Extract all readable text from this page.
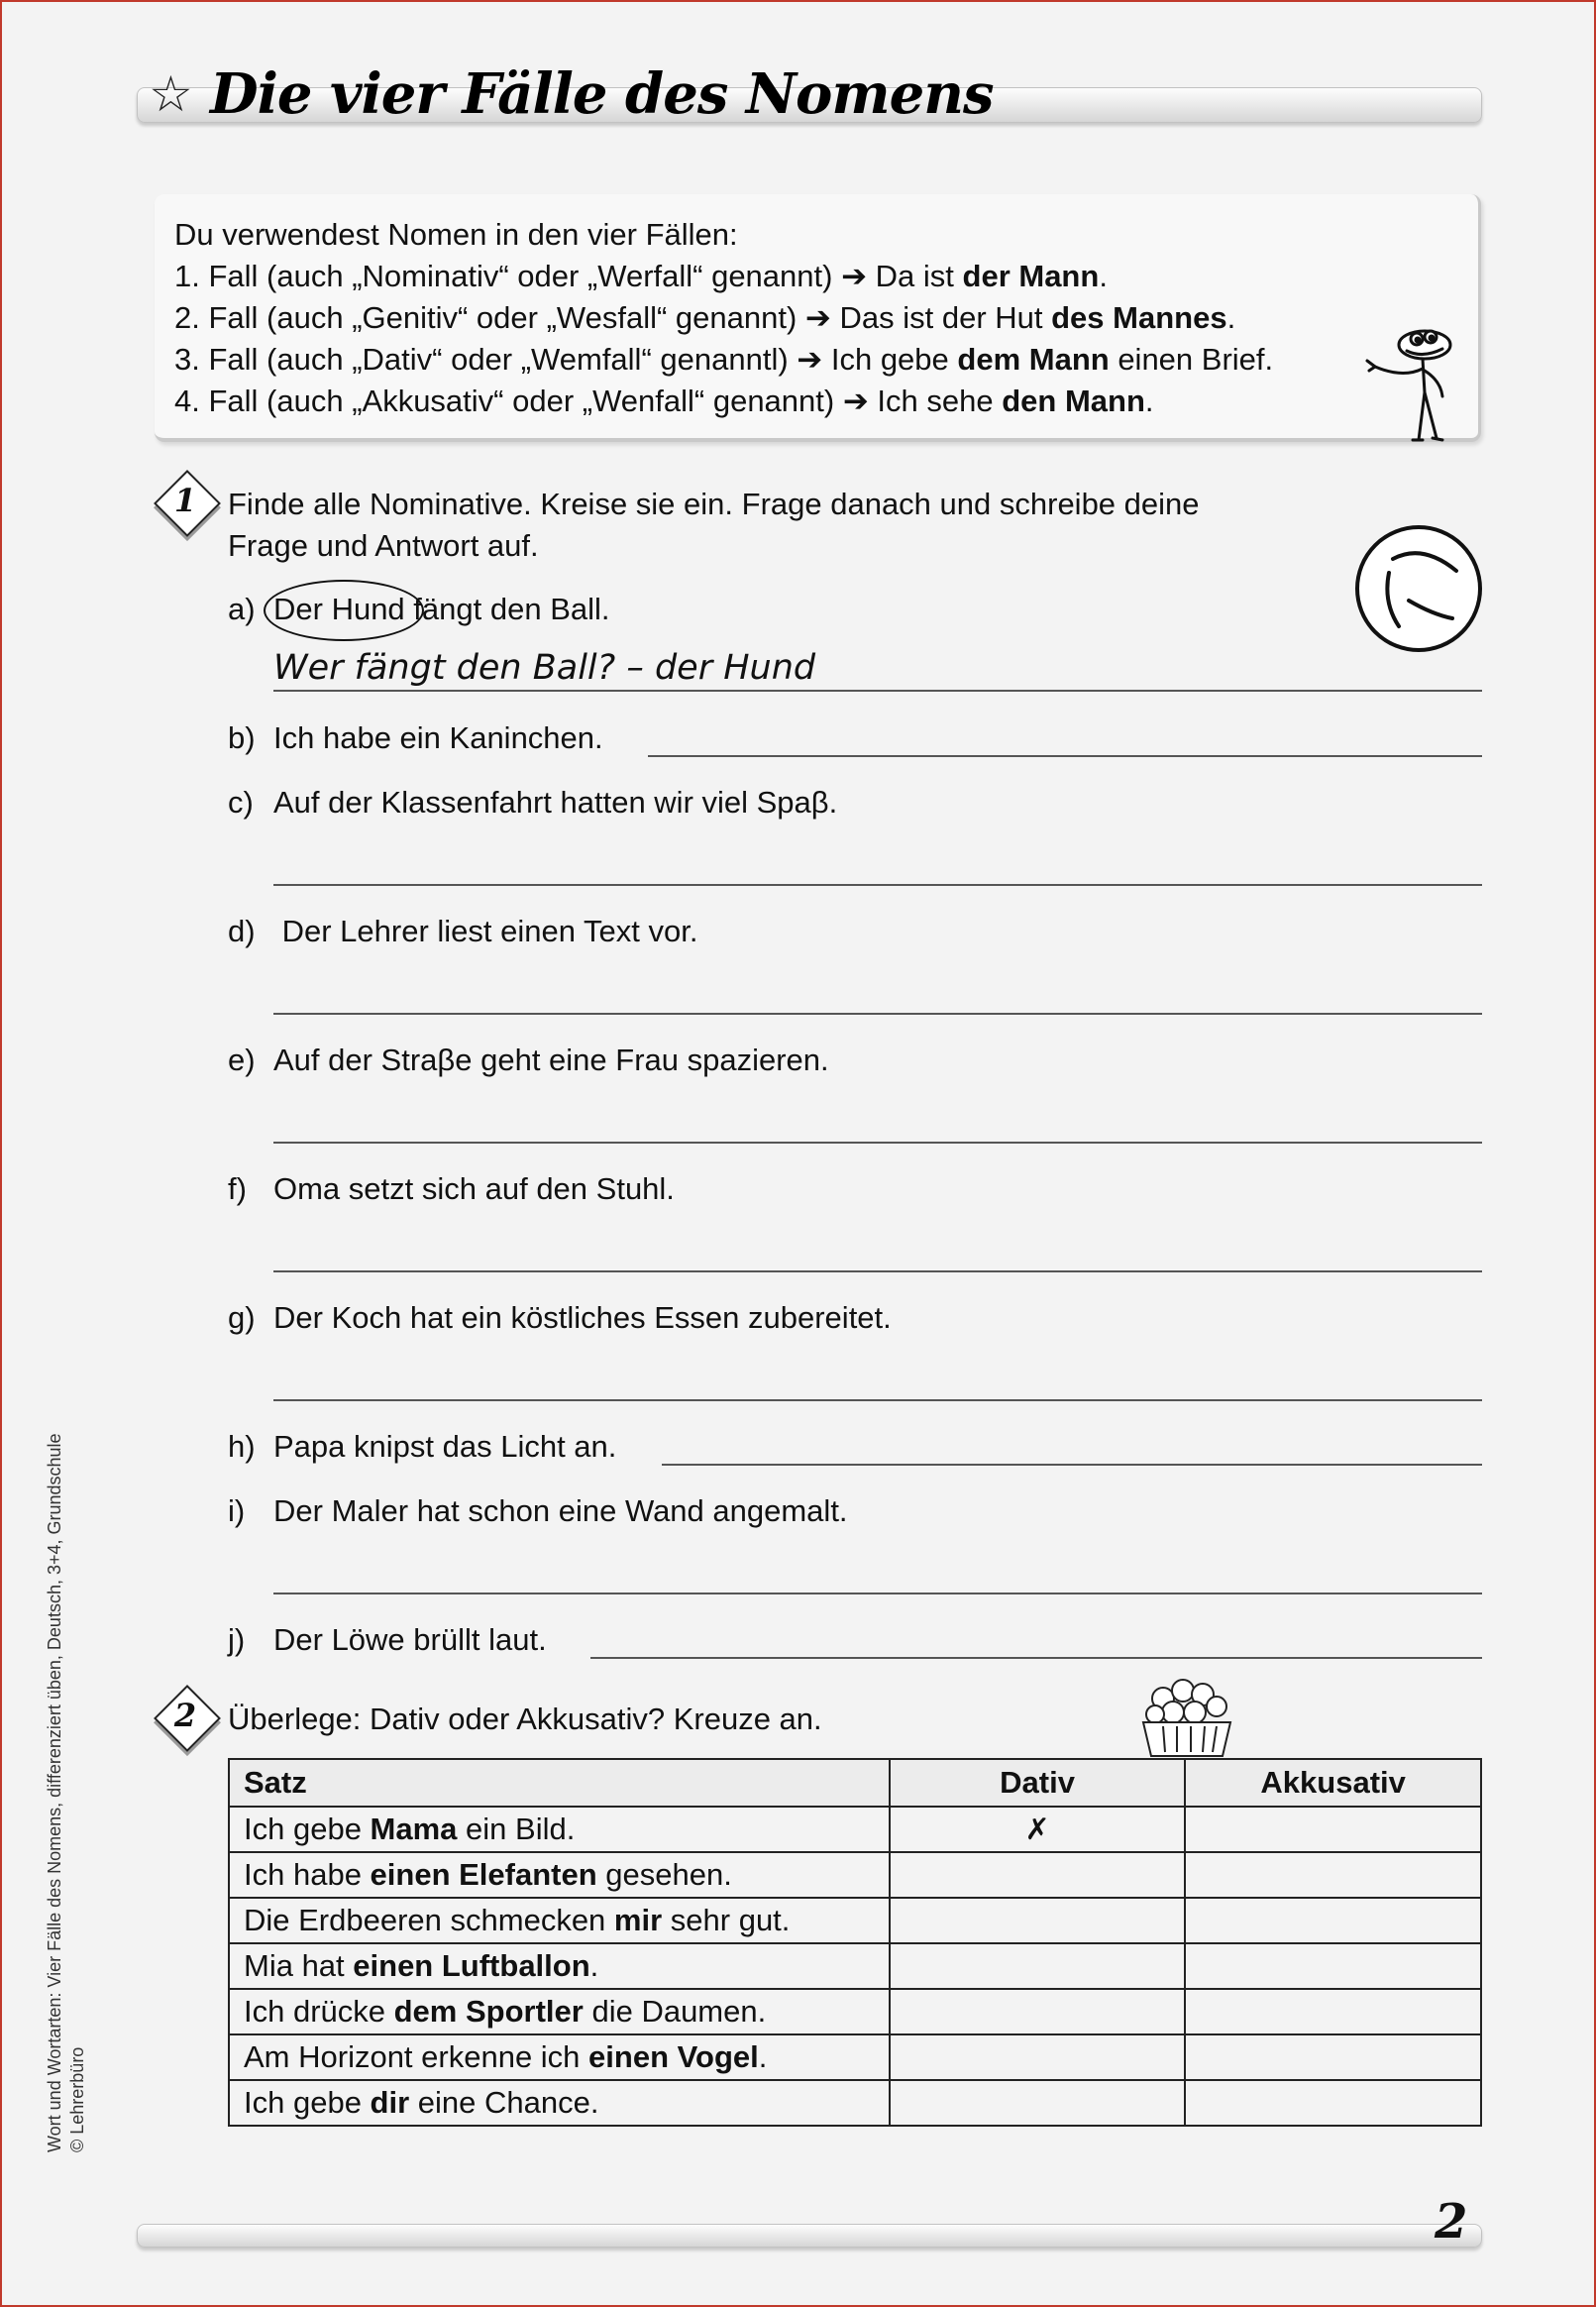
☆ Die vier Fälle des Nomens
Du verwendest Nomen in den vier Fällen:
1. Fall (auch „Nominativ“ oder „Werfall“ genannt) ➔ Da ist der Mann.
2. Fall (auch „Genitiv“ oder „Wesfall“ genannt) ➔ Das ist der Hut des Mannes.
3. Fall (auch „Dativ“ oder „Wemfall“ genanntl) ➔ Ich gebe dem Mann einen Brief.
4. Fall (auch „Akkusativ“ oder „Wenfall“ genannt) ➔ Ich sehe den Mann.
1	Finde alle Nominative. Kreise sie ein. Frage danach und schreibe deine
Frage und Antwort auf.
a) Der Hund fängt den Ball.
Wer fängt den Ball? – der Hund
b) Ich habe ein Kaninchen.
c) Auf der Klassenfahrt hatten wir viel Spaβ.
d) Der Lehrer liest einen Text vor.
e) Auf der Straβe geht eine Frau spazieren.
f) Oma setzt sich auf den Stuhl.
g) Der Koch hat ein köstliches Essen zubereitet.
h) Papa knipst das Licht an.
i) Der Maler hat schon eine Wand angemalt.
j) Der Löwe brüllt laut.
2	Überlege: Dativ oder Akkusativ? Kreuze an.
Satz	Dativ	Akkusativ
Ich gebe Mama ein Bild.	✗	
Ich habe einen Elefanten gesehen.		
Die Erdbeeren schmecken mir sehr gut.		
Mia hat einen Luftballon.		
Ich drücke dem Sportler die Daumen.		
Am Horizont erkenne ich einen Vogel.		
Ich gebe dir eine Chance.		
2
Wort und Wortarten: Vier Fälle des Nomens, differenziert üben, Deutsch, 3+4, Grundschule © Lehrerbüro
